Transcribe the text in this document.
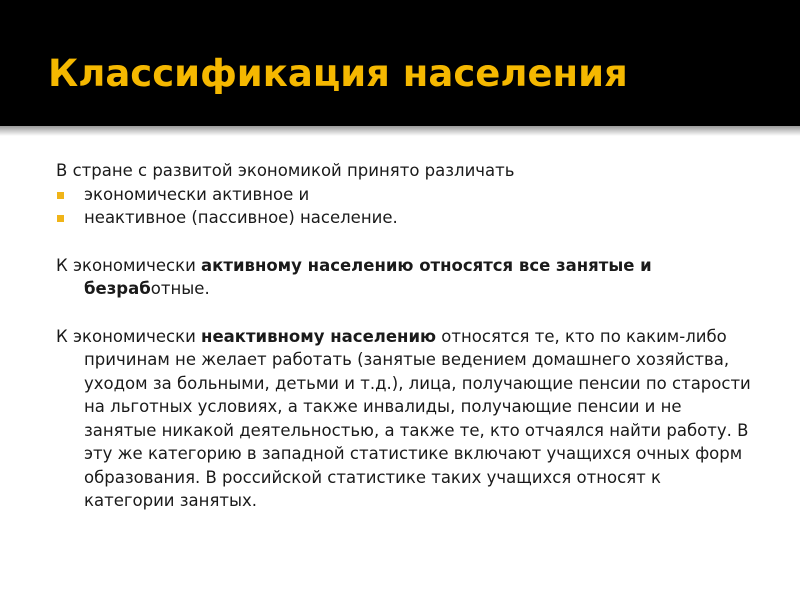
Классификация населения

В стране с развитой экономикой принято различать

экономически активное и
неактивное (пассивное) население.

К экономически активному населению относятся все занятые и безработные.

К экономически неактивному населению относятся те, кто по каким-либо причинам не желает работать (занятые ведением домашнего хозяйства, уходом за больными, детьми и т.д.), лица, получающие пенсии по старости на льготных условиях, а также инвалиды, получающие пенсии и не занятые никакой деятельностью, а также те, кто отчаялся найти работу. В эту же категорию в западной статистике включают учащихся очных форм образования. В российской статистике таких учащихся относят к категории занятых.
